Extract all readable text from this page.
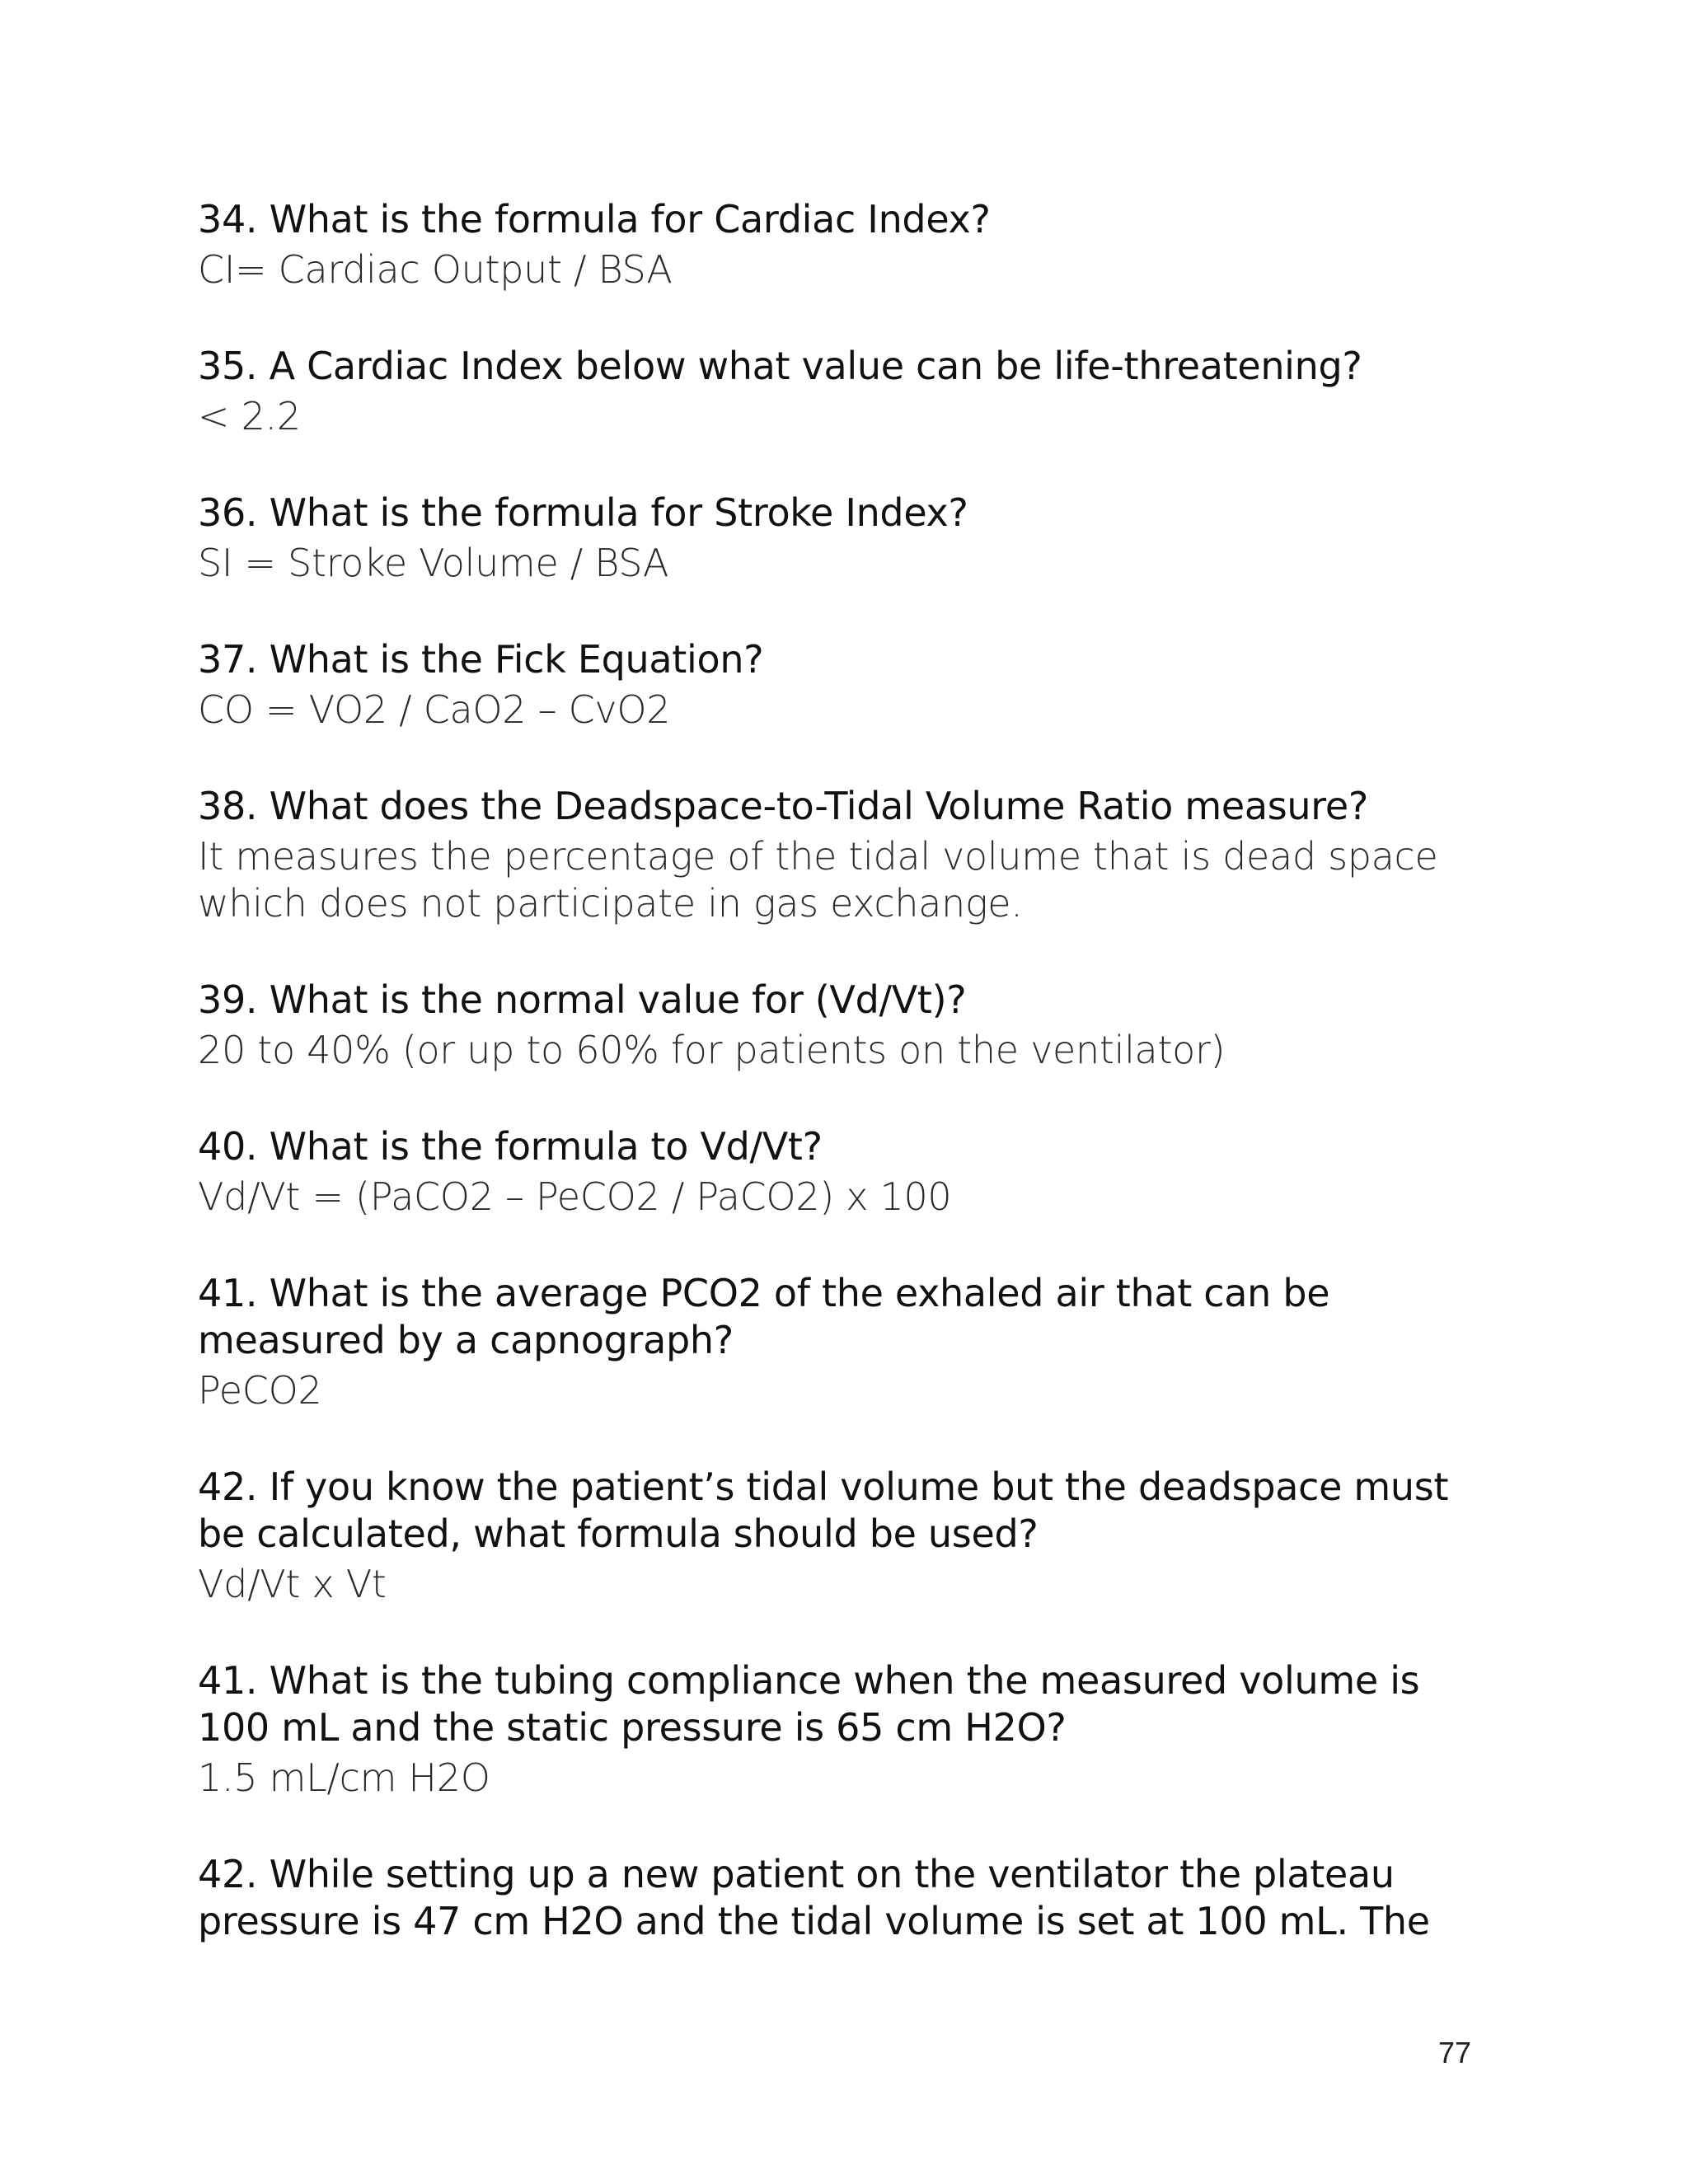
34. What is the formula for Cardiac Index?

CI= Cardiac Output / BSA

35. A Cardiac Index below what value can be life-threatening?

< 2.2

36. What is the formula for Stroke Index?

SI = Stroke Volume / BSA

37. What is the Fick Equation?

CO = VO2 / CaO2 – CvO2

38. What does the Deadspace-to-Tidal Volume Ratio measure?

It measures the percentage of the tidal volume that is dead space which does not participate in gas exchange.

39. What is the normal value for (Vd/Vt)?

20 to 40% (or up to 60% for patients on the ventilator)

40. What is the formula to Vd/Vt?

Vd/Vt = (PaCO2 – PeCO2 / PaCO2) x 100

41. What is the average PCO2 of the exhaled air that can be measured by a capnograph?

PeCO2

42. If you know the patient’s tidal volume but the deadspace must be calculated, what formula should be used?

Vd/Vt x Vt

41. What is the tubing compliance when the measured volume is 100 mL and the static pressure is 65 cm H2O?

1.5 mL/cm H2O

42. While setting up a new patient on the ventilator the plateau pressure is 47 cm H2O and the tidal volume is set at 100 mL. The

77
